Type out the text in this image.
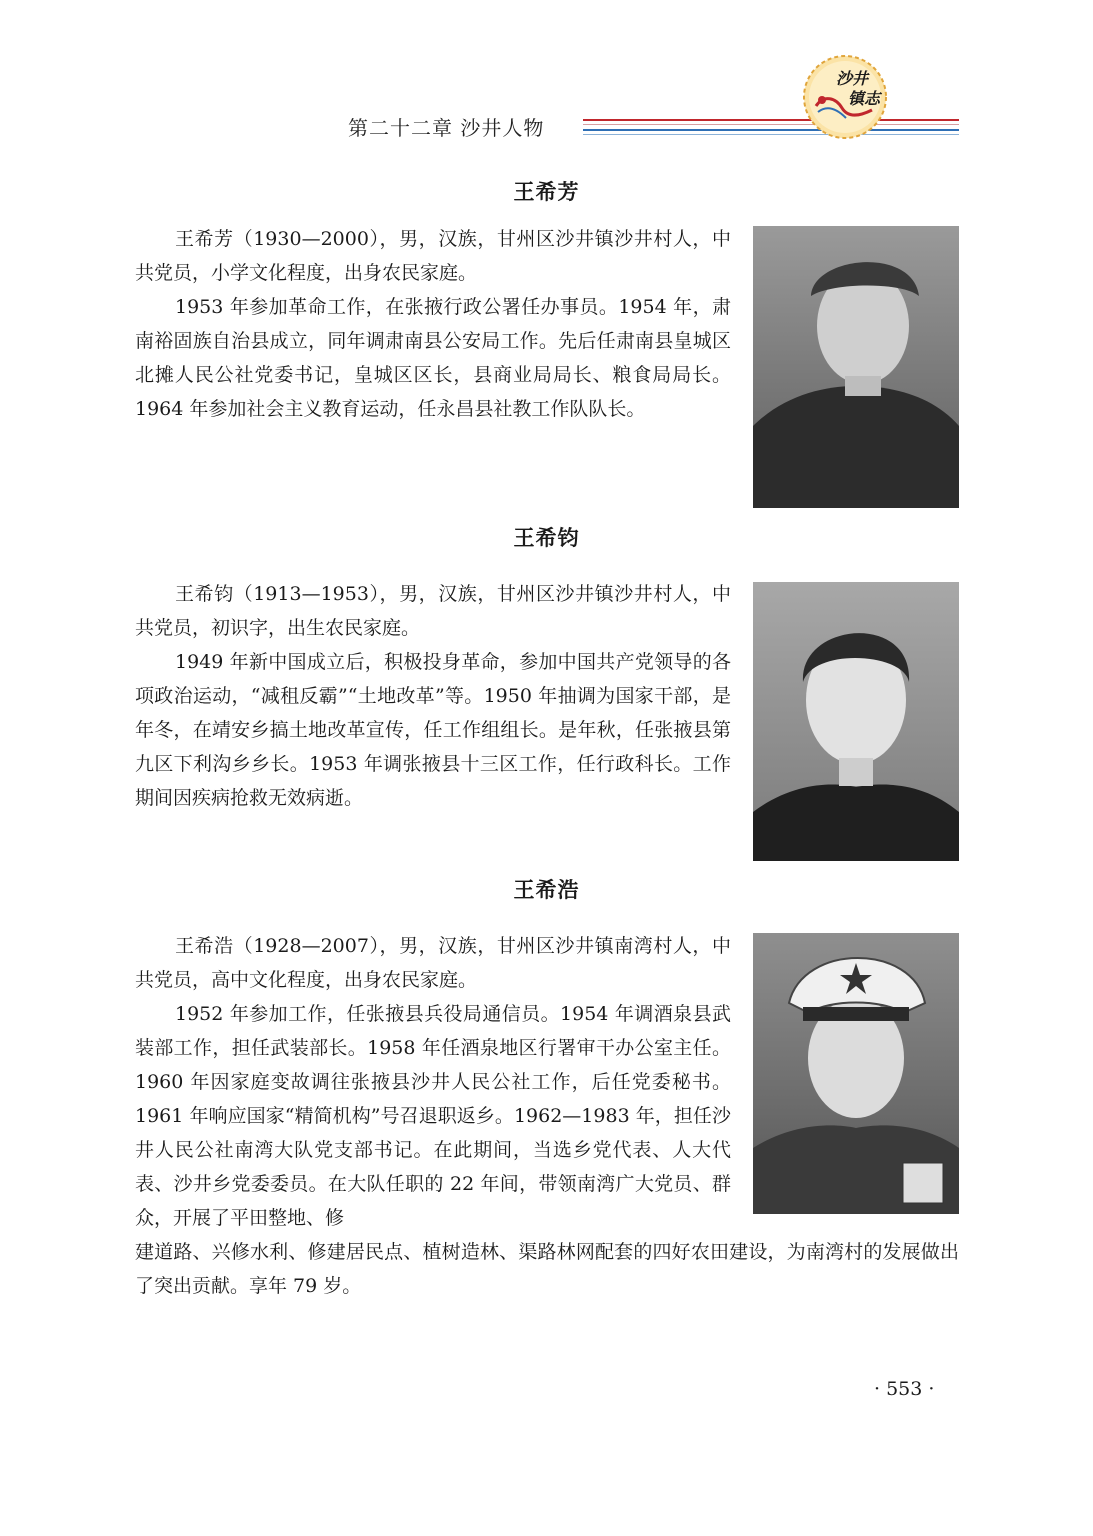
第二十二章 沙井人物
沙井
镇志
王希芳

王希芳（1930—2000），男，汉族，甘州区沙井镇沙井村人，中共党员，小学文化程度，出身农民家庭。

1953 年参加革命工作，在张掖行政公署任办事员。1954 年，肃南裕固族自治县成立，同年调肃南县公安局工作。先后任肃南县皇城区北摊人民公社党委书记，皇城区区长，县商业局局长、粮食局局长。1964 年参加社会主义教育运动，任永昌县社教工作队队长。

王希钧

王希钧（1913—1953），男，汉族，甘州区沙井镇沙井村人，中共党员，初识字，出生农民家庭。

1949 年新中国成立后，积极投身革命，参加中国共产党领导的各项政治运动，“减租反霸”“土地改革”等。1950 年抽调为国家干部，是年冬，在靖安乡搞土地改革宣传，任工作组组长。是年秋，任张掖县第九区下利沟乡乡长。1953 年调张掖县十三区工作，任行政科长。工作期间因疾病抢救无效病逝。

王希浩

王希浩（1928—2007），男，汉族，甘州区沙井镇南湾村人，中共党员，高中文化程度，出身农民家庭。

1952 年参加工作，任张掖县兵役局通信员。1954 年调酒泉县武装部工作，担任武装部长。1958 年任酒泉地区行署审干办公室主任。1960 年因家庭变故调往张掖县沙井人民公社工作，后任党委秘书。1961 年响应国家“精简机构”号召退职返乡。1962—1983 年，担任沙井人民公社南湾大队党支部书记。在此期间，当选乡党代表、人大代表、沙井乡党委委员。在大队任职的 22 年间，带领南湾广大党员、群众，开展了平田整地、修

建道路、兴修水利、修建居民点、植树造林、渠路林网配套的四好农田建设，为南湾村的发展做出了突出贡献。享年 79 岁。

· 553 ·
